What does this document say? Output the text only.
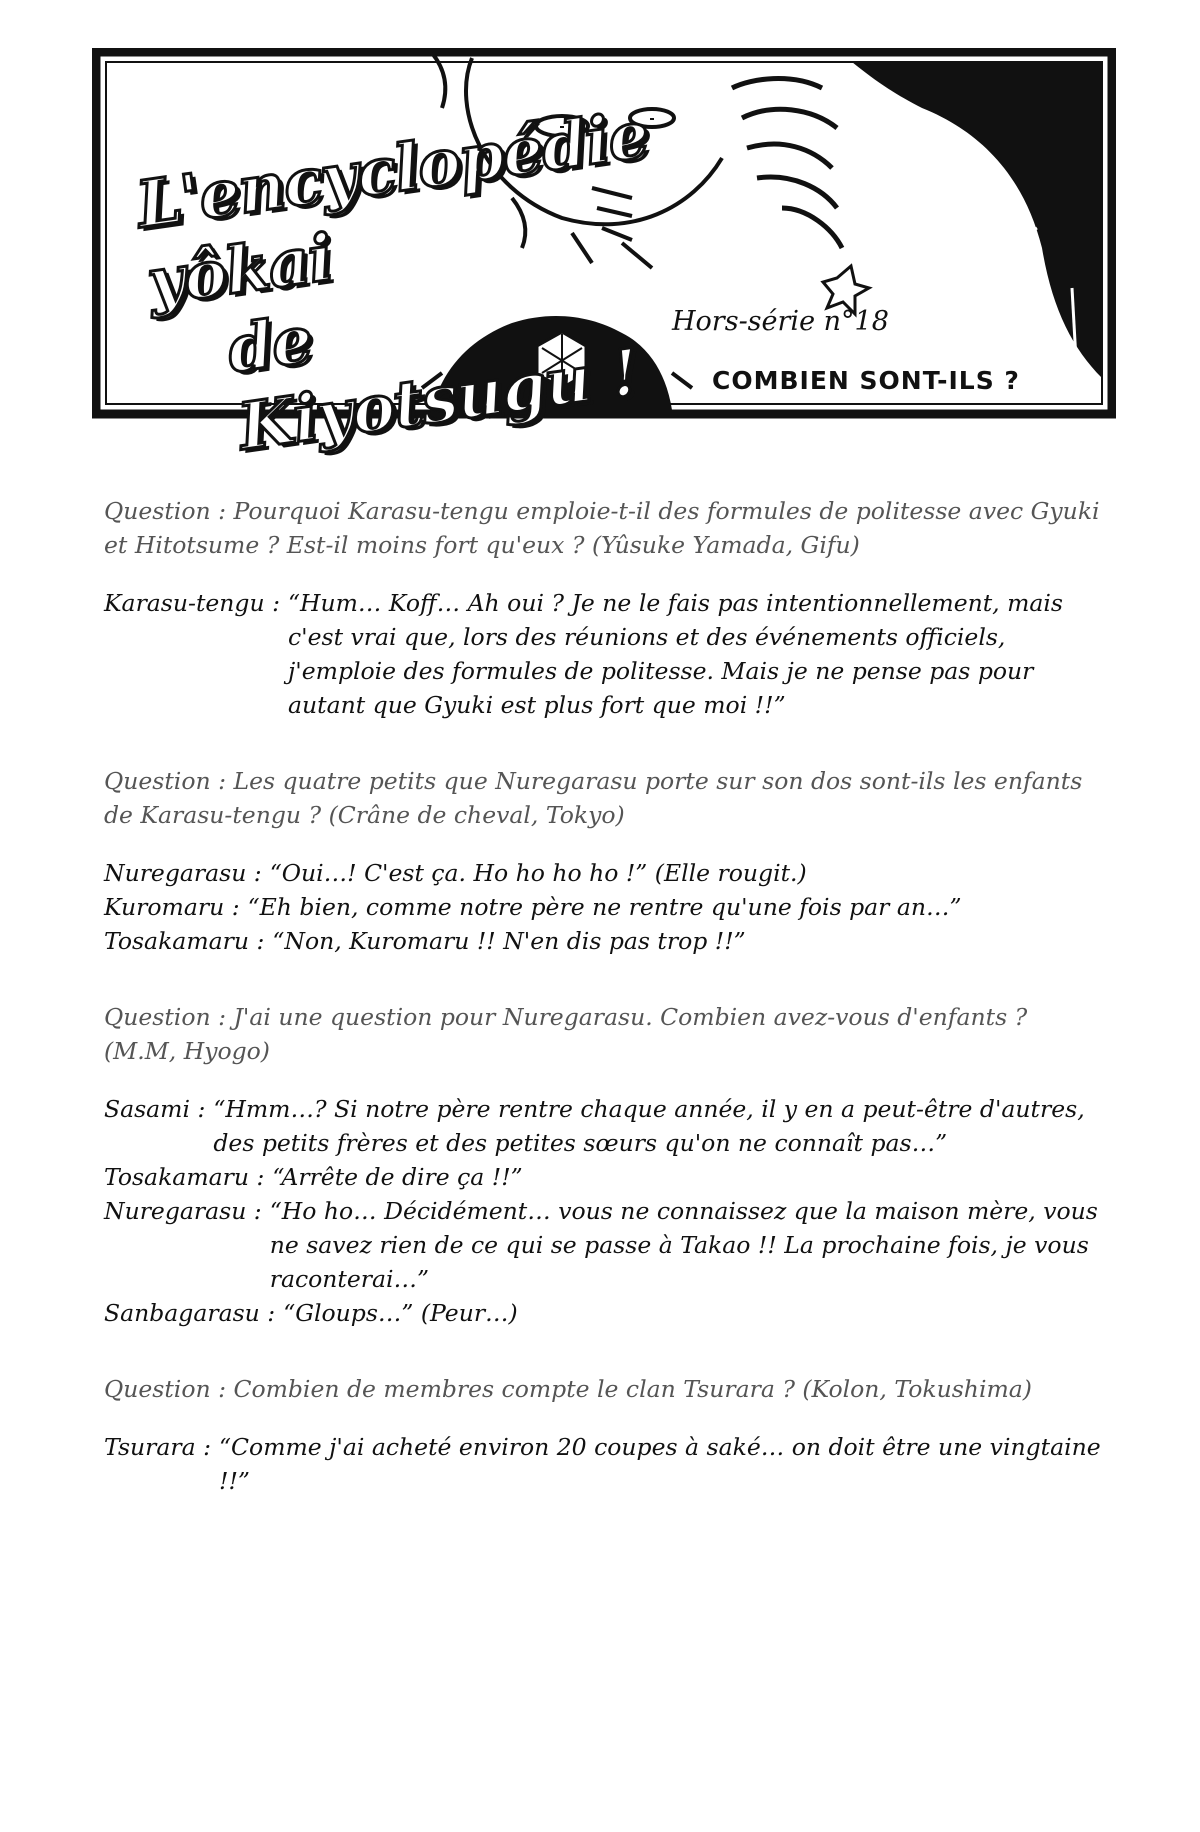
L'encyclopédie yôkai
de Kiyotsugu !
Hors-série n°18
COMBIEN SONT-ILS ?
Question : Pourquoi Karasu-tengu emploie-t-il des formules de politesse avec Gyuki et Hitotsume ? Est-il moins fort qu'eux ? (Yûsuke Yamada, Gifu)
Karasu-tengu : “Hum… Koff… Ah oui ? Je ne le fais pas intentionnellement, mais c'est vrai que, lors des réunions et des événements officiels, j'emploie des formules de politesse. Mais je ne pense pas pour autant que Gyuki est plus fort que moi !!”
Question : Les quatre petits que Nuregarasu porte sur son dos sont-ils les enfants de Karasu-tengu ? (Crâne de cheval, Tokyo)
Nuregarasu : “Oui…! C'est ça. Ho ho ho ho !” (Elle rougit.)
Kuromaru : “Eh bien, comme notre père ne rentre qu'une fois par an…”
Tosakamaru : “Non, Kuromaru !! N'en dis pas trop !!”
Question : J'ai une question pour Nuregarasu. Combien avez-vous d'enfants ? (M.M, Hyogo)
Sasami : “Hmm…? Si notre père rentre chaque année, il y en a peut-être d'autres, des petits frères et des petites sœurs qu'on ne connaît pas…”
Tosakamaru : “Arrête de dire ça !!”
Nuregarasu : “Ho ho… Décidément… vous ne connaissez que la maison mère, vous ne savez rien de ce qui se passe à Takao !! La prochaine fois, je vous raconterai…”
Sanbagarasu : “Gloups…” (Peur…)
Question : Combien de membres compte le clan Tsurara ? (Kolon, Tokushima)
Tsurara : “Comme j'ai acheté environ 20 coupes à saké… on doit être une vingtaine !!”
